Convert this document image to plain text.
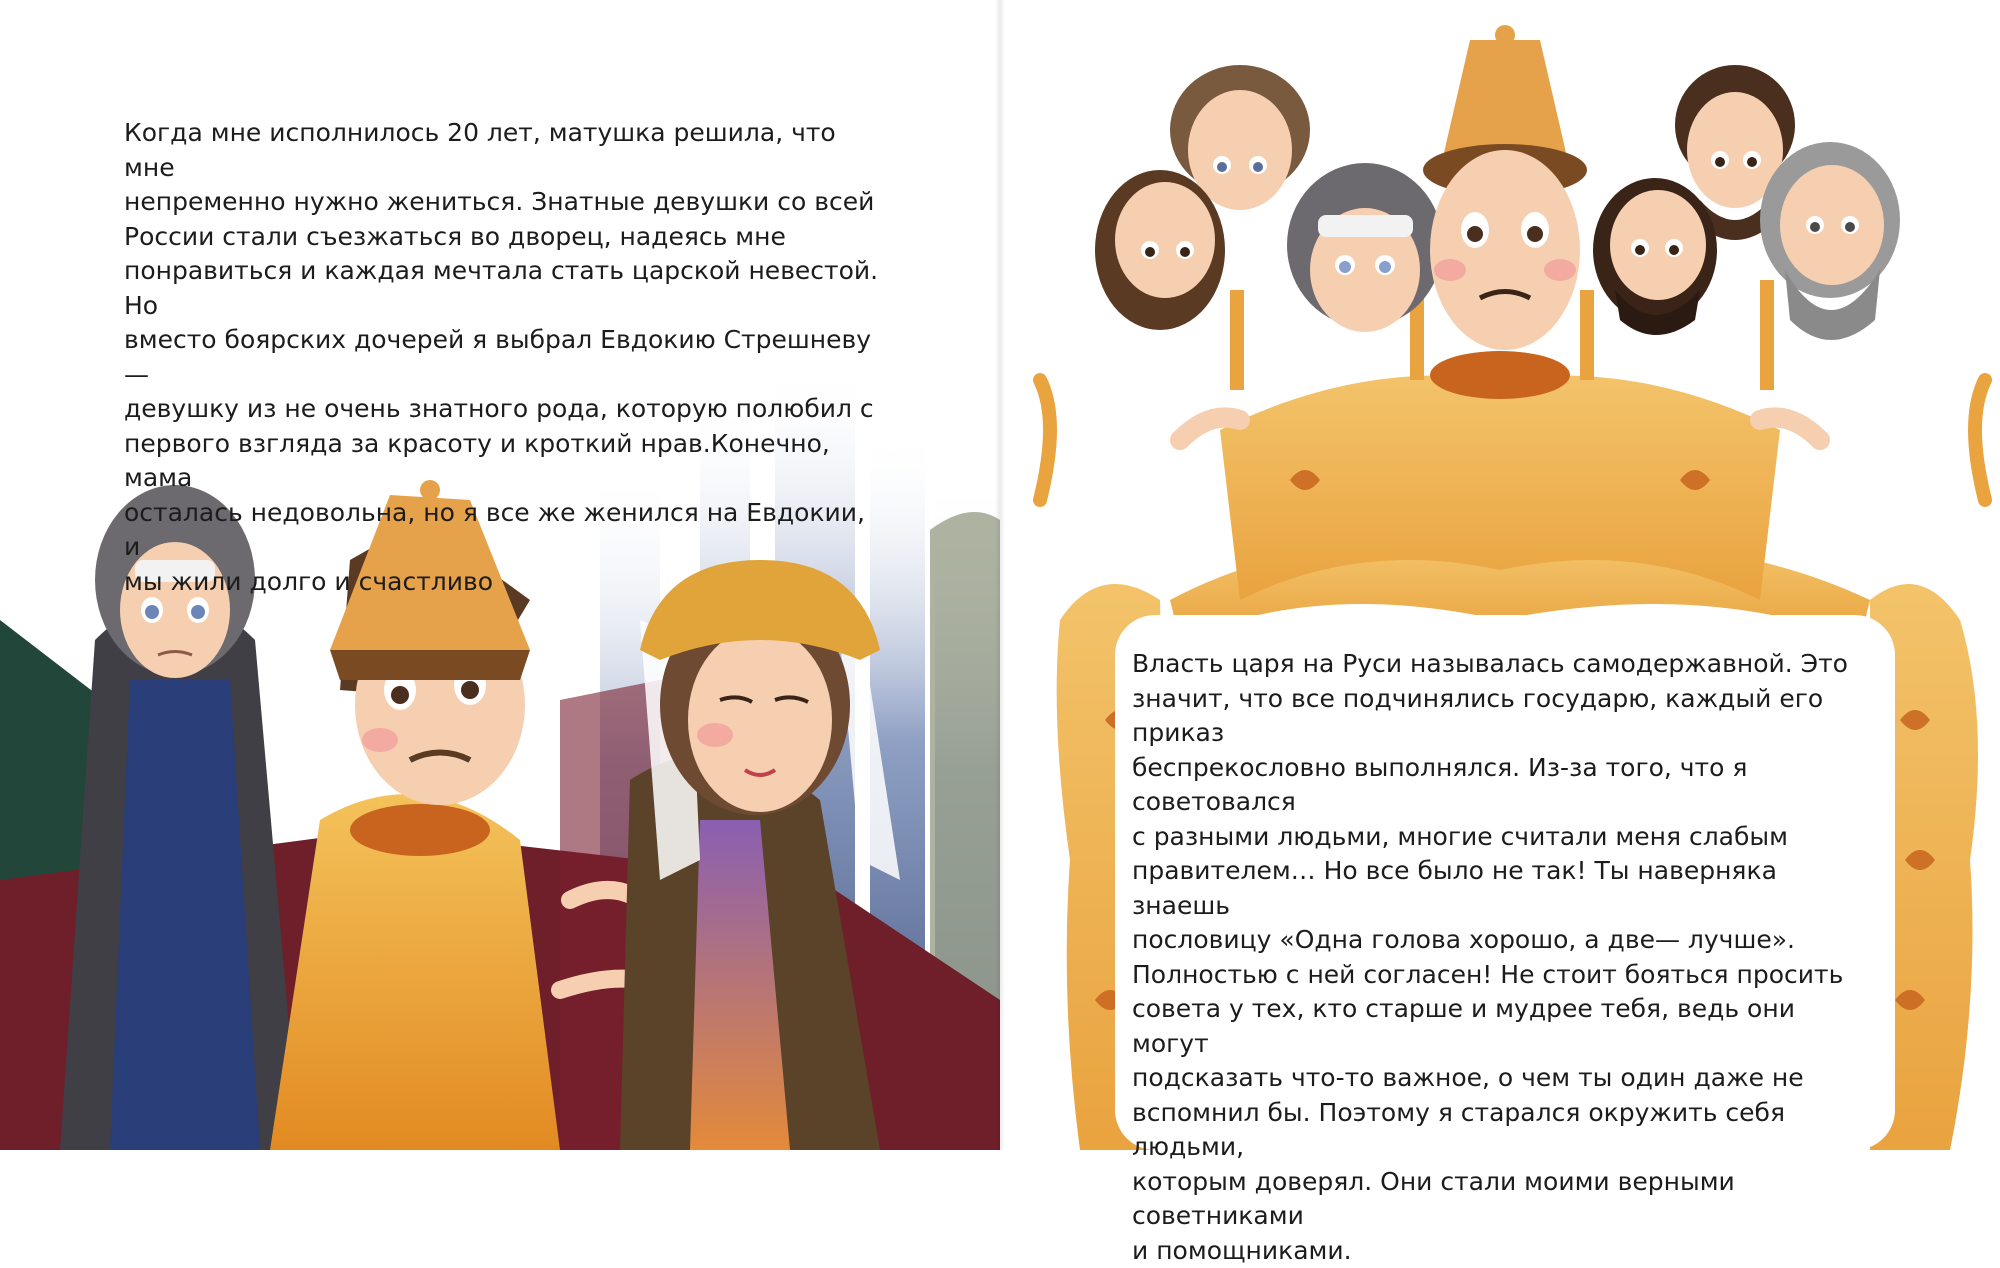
Когда мне исполнилось 20 лет, матушка решила, что мне
непременно нужно жениться. Знатные девушки со всей
России стали съезжаться во дворец, надеясь мне
понравиться и каждая мечтала стать царской невестой. Но
вместо боярских дочерей я выбрал Евдокию Стрешневу —
девушку из не очень знатного рода, которую полюбил с
первого взгляда за красоту и кроткий нрав.Конечно, мама
осталась недовольна, но я все же женился на Евдокии, и
мы жили долго и счастливо

Власть царя на Руси называлась самодержавной. Это
значит, что все подчинялись государю, каждый его приказ
беспрекословно выполнялся. Из-за того, что я советовался
с разными людьми, многие считали меня слабым
правителем… Но все было не так! Ты наверняка знаешь
пословицу «Одна голова хорошо, а две— лучше».
Полностью с ней согласен! Не стоит бояться просить
совета у тех, кто старше и мудрее тебя, ведь они могут
подсказать что-то важное, о чем ты один даже не
вспомнил бы. Поэтому я старался окружить себя людьми,
которым доверял. Они стали моими верными советниками
и помощниками.
